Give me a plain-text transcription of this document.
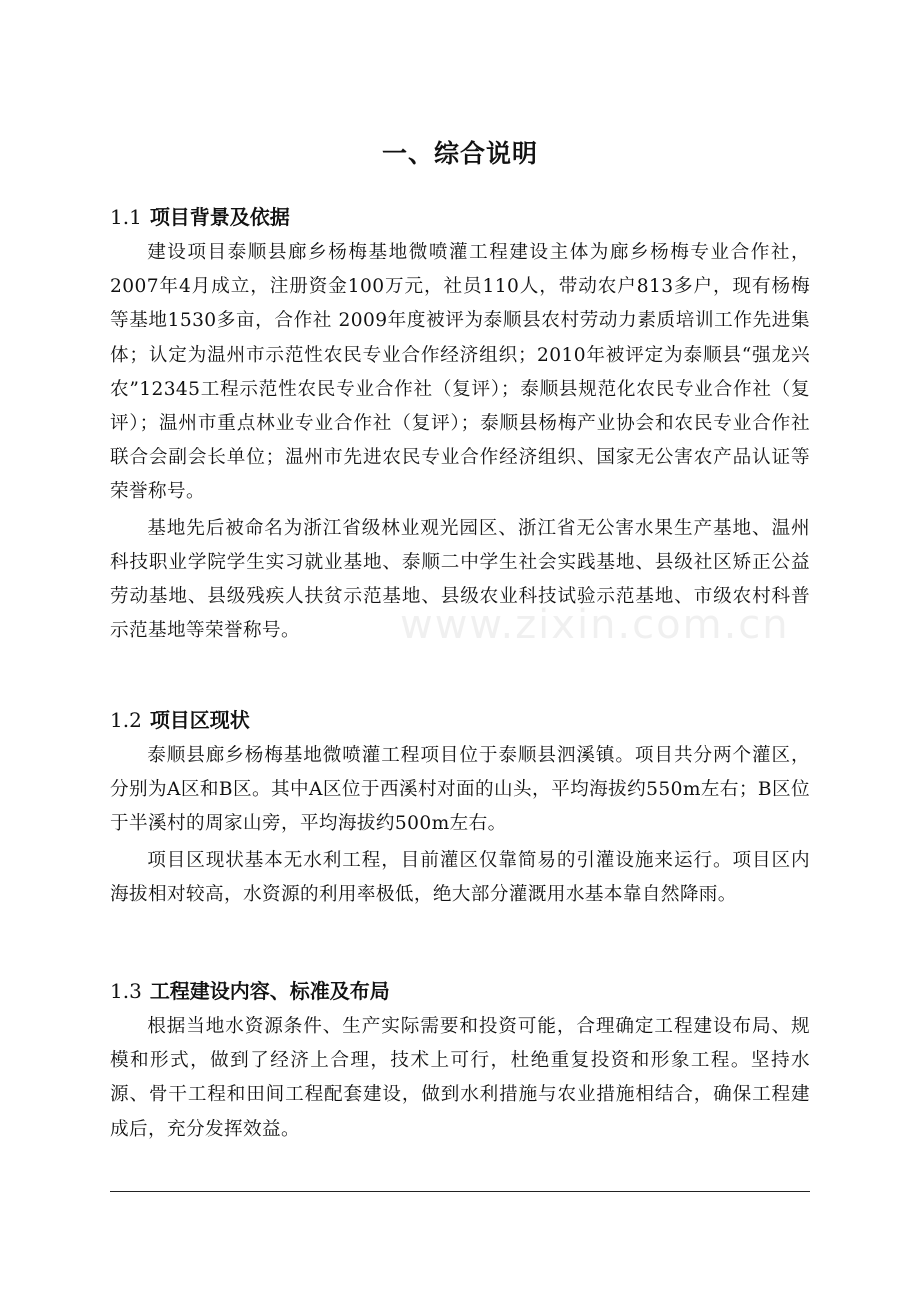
一、综合说明
1.1 项目背景及依据

建设项目泰顺县廊乡杨梅基地微喷灌工程建设主体为廊乡杨梅专业合作社， 2007年4月成立，注册资金100万元，社员110人，带动农户813多户，现有杨梅等基地1530多亩，合作社 2009年度被评为泰顺县农村劳动力素质培训工作先进集体；认定为温州市示范性农民专业合作经济组织；2010年被评定为泰顺县“强龙兴农”12345工程示范性农民专业合作社（复评）；泰顺县规范化农民专业合作社（复评）；温州市重点林业专业合作社（复评）；泰顺县杨梅产业协会和农民专业合作社联合会副会长单位；温州市先进农民专业合作经济组织、国家无公害农产品认证等荣誉称号。

基地先后被命名为浙江省级林业观光园区、浙江省无公害水果生产基地、温州科技职业学院学生实习就业基地、泰顺二中学生社会实践基地、县级社区矫正公益劳动基地、县级残疾人扶贫示范基地、县级农业科技试验示范基地、市级农村科普示范基地等荣誉称号。

1.2 项目区现状

泰顺县廊乡杨梅基地微喷灌工程项目位于泰顺县泗溪镇。项目共分两个灌区，分别为A区和B区。其中A区位于西溪村对面的山头，平均海拔约550m左右；B区位于半溪村的周家山旁，平均海拔约500m左右。

项目区现状基本无水利工程，目前灌区仅靠简易的引灌设施来运行。项目区内海拔相对较高，水资源的利用率极低，绝大部分灌溉用水基本靠自然降雨。

1.3 工程建设内容、标准及布局

根据当地水资源条件、生产实际需要和投资可能，合理确定工程建设布局、规模和形式，做到了经济上合理，技术上可行，杜绝重复投资和形象工程。坚持水源、骨干工程和田间工程配套建设，做到水利措施与农业措施相结合，确保工程建成后，充分发挥效益。

www.zixin.com.cn
